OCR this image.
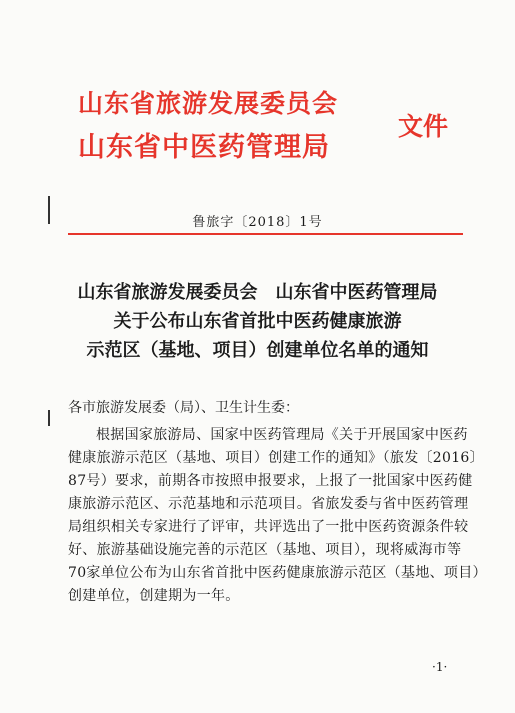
山东省旅游发展委员会
山东省中医药管理局
文件
鲁旅字〔2018〕1号
山东省旅游发展委员会　山东省中医药管理局
关于公布山东省首批中医药健康旅游
示范区（基地、项目）创建单位名单的通知
各市旅游发展委（局）、卫生计生委：
根据国家旅游局、国家中医药管理局《关于开展国家中医药
健康旅游示范区（基地、项目）创建工作的通知》（旅发〔2016〕
87号）要求，前期各市按照申报要求，上报了一批国家中医药健
康旅游示范区、示范基地和示范项目。省旅发委与省中医药管理
局组织相关专家进行了评审，共评选出了一批中医药资源条件较
好、旅游基础设施完善的示范区（基地、项目），现将威海市等
70家单位公布为山东省首批中医药健康旅游示范区（基地、项目）
创建单位，创建期为一年。
·1·
